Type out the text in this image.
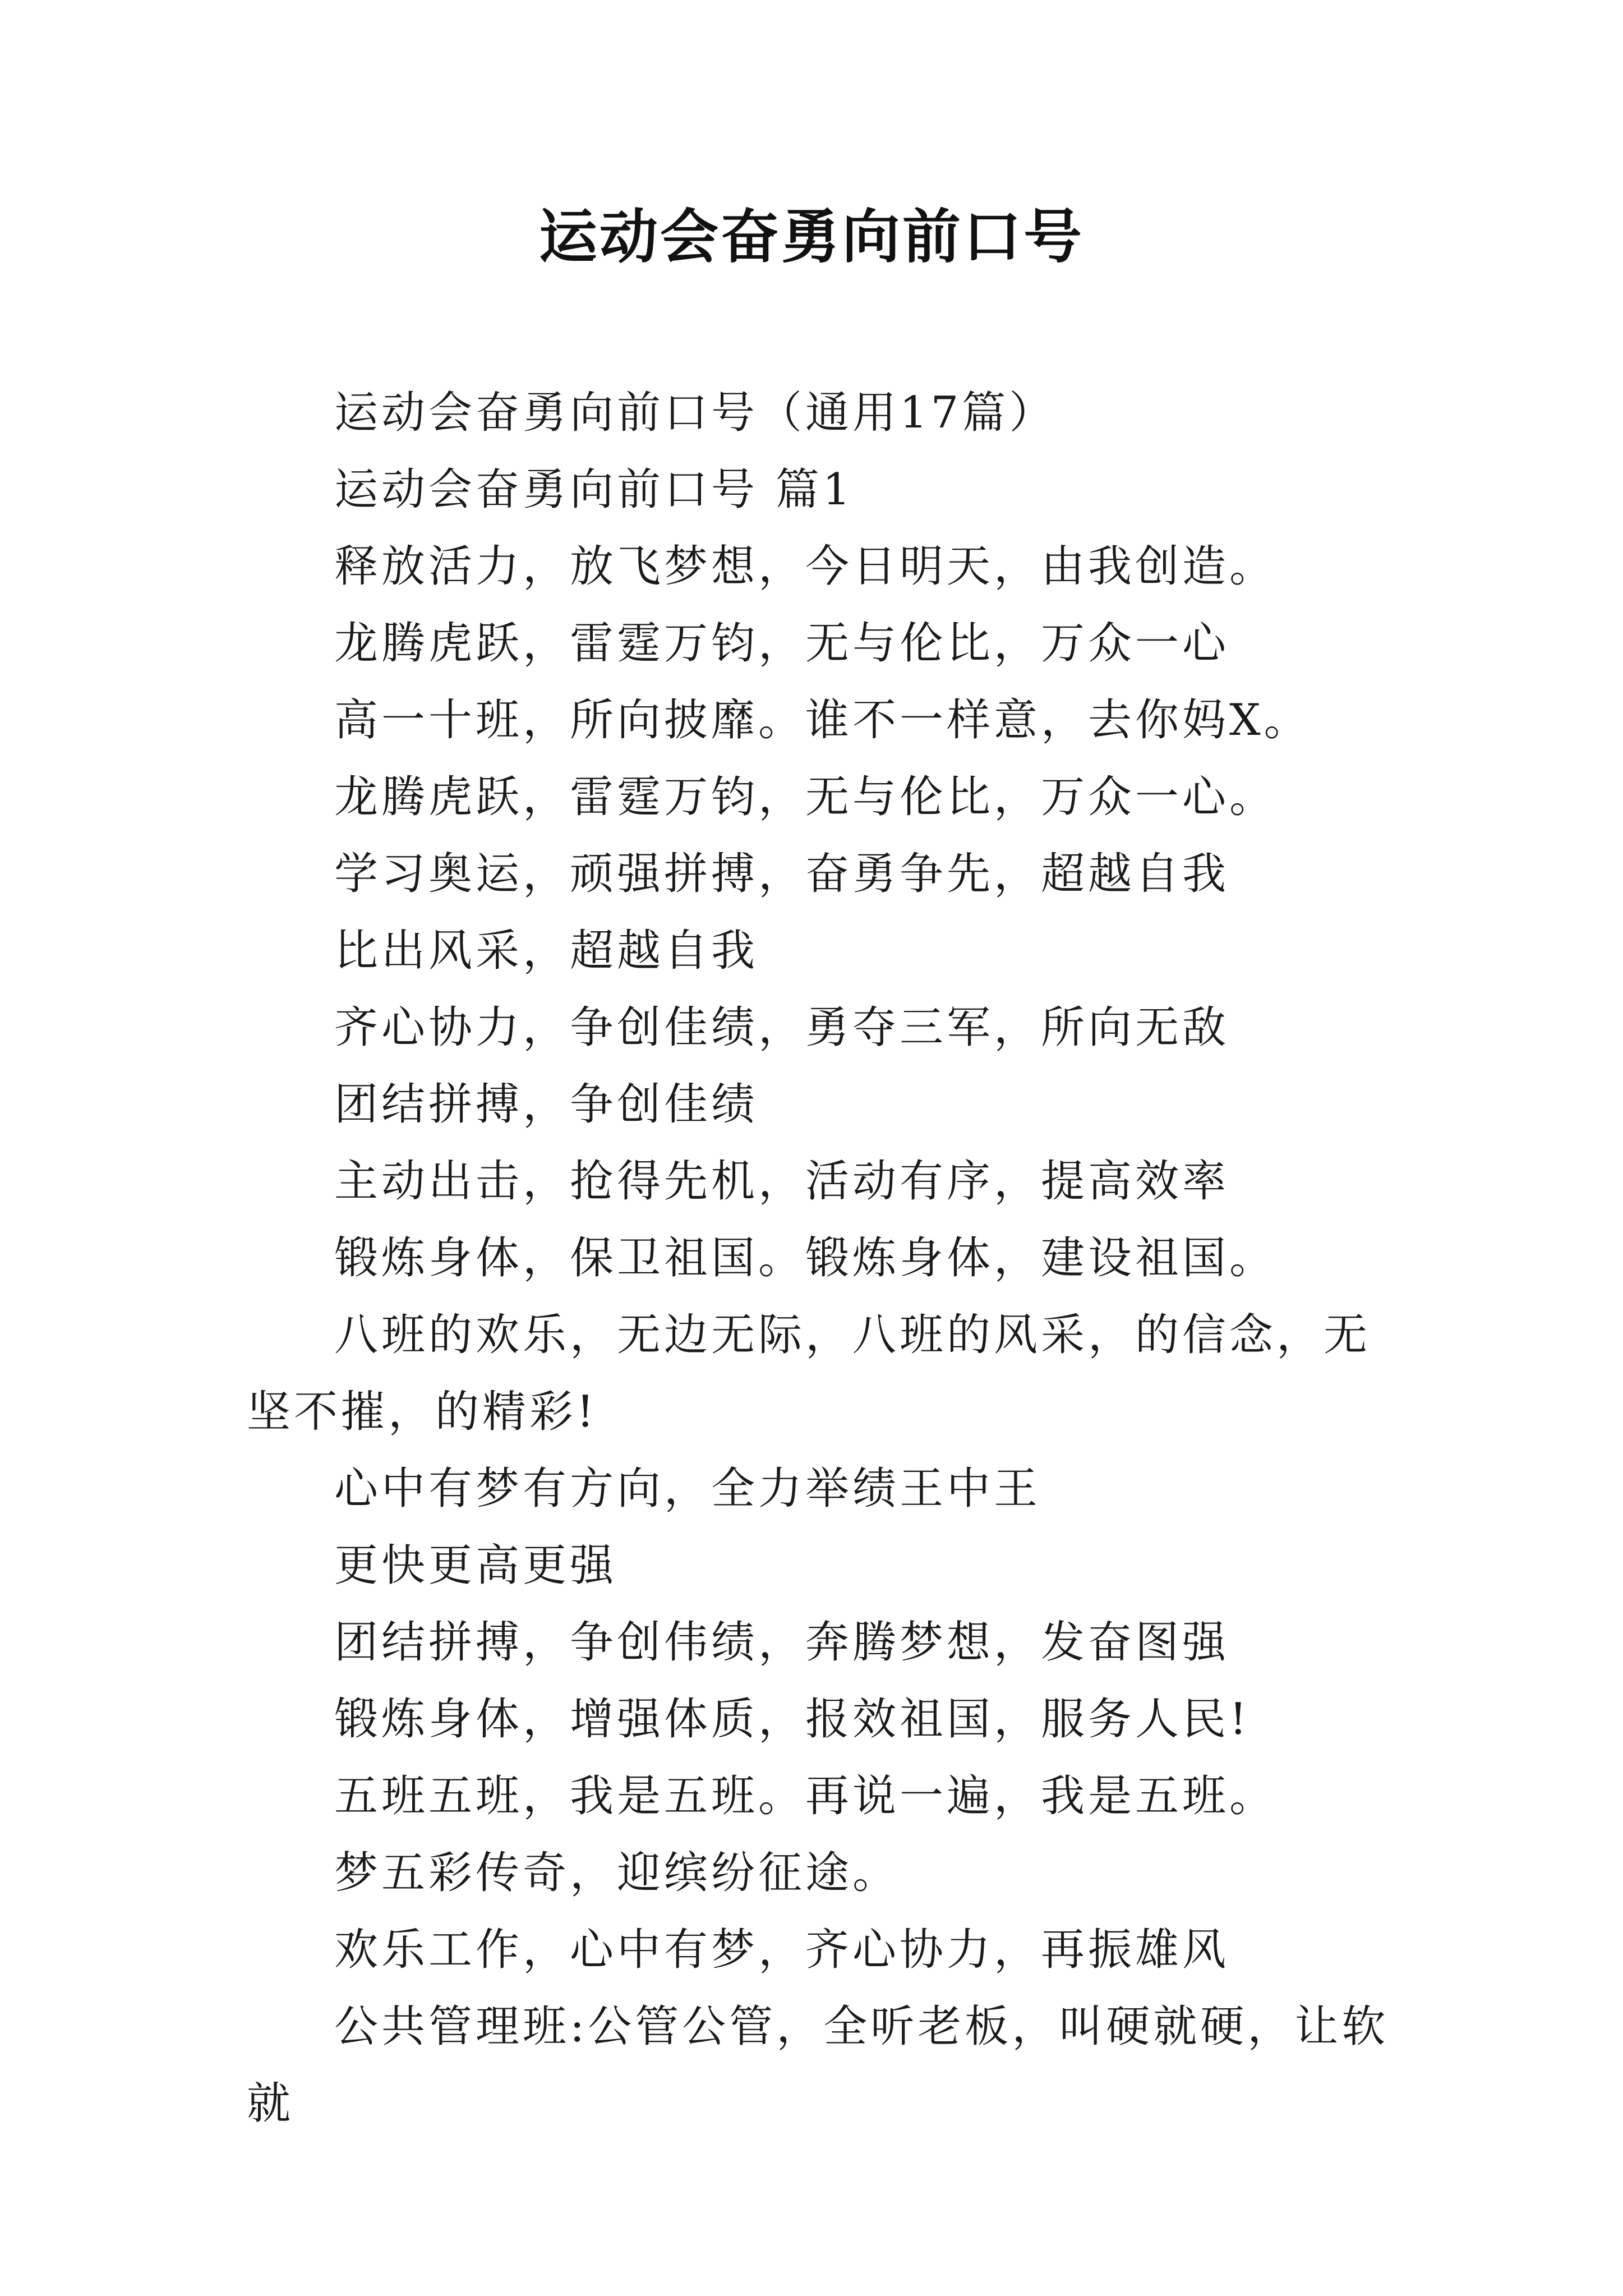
运动会奋勇向前口号

运动会奋勇向前口号（通用17篇）

运动会奋勇向前口号 篇1

释放活力，放飞梦想，今日明天，由我创造。

龙腾虎跃，雷霆万钧，无与伦比，万众一心

高一十班，所向披靡。谁不一样意，去你妈X。

龙腾虎跃，雷霆万钧，无与伦比，万众一心。

学习奥运，顽强拼搏，奋勇争先，超越自我

比出风采，超越自我

齐心协力，争创佳绩，勇夺三军，所向无敌

团结拼搏，争创佳绩

主动出击，抢得先机，活动有序，提高效率

锻炼身体，保卫祖国。锻炼身体，建设祖国。

八班的欢乐，无边无际，八班的风采，的信念，无坚不摧，的精彩!

心中有梦有方向，全力举绩王中王

更快更高更强

团结拼搏，争创伟绩，奔腾梦想，发奋图强

锻炼身体，增强体质，报效祖国，服务人民!

五班五班，我是五班。再说一遍，我是五班。

梦五彩传奇，迎缤纷征途。

欢乐工作，心中有梦，齐心协力，再振雄风

公共管理班:公管公管，全听老板，叫硬就硬，让软就
